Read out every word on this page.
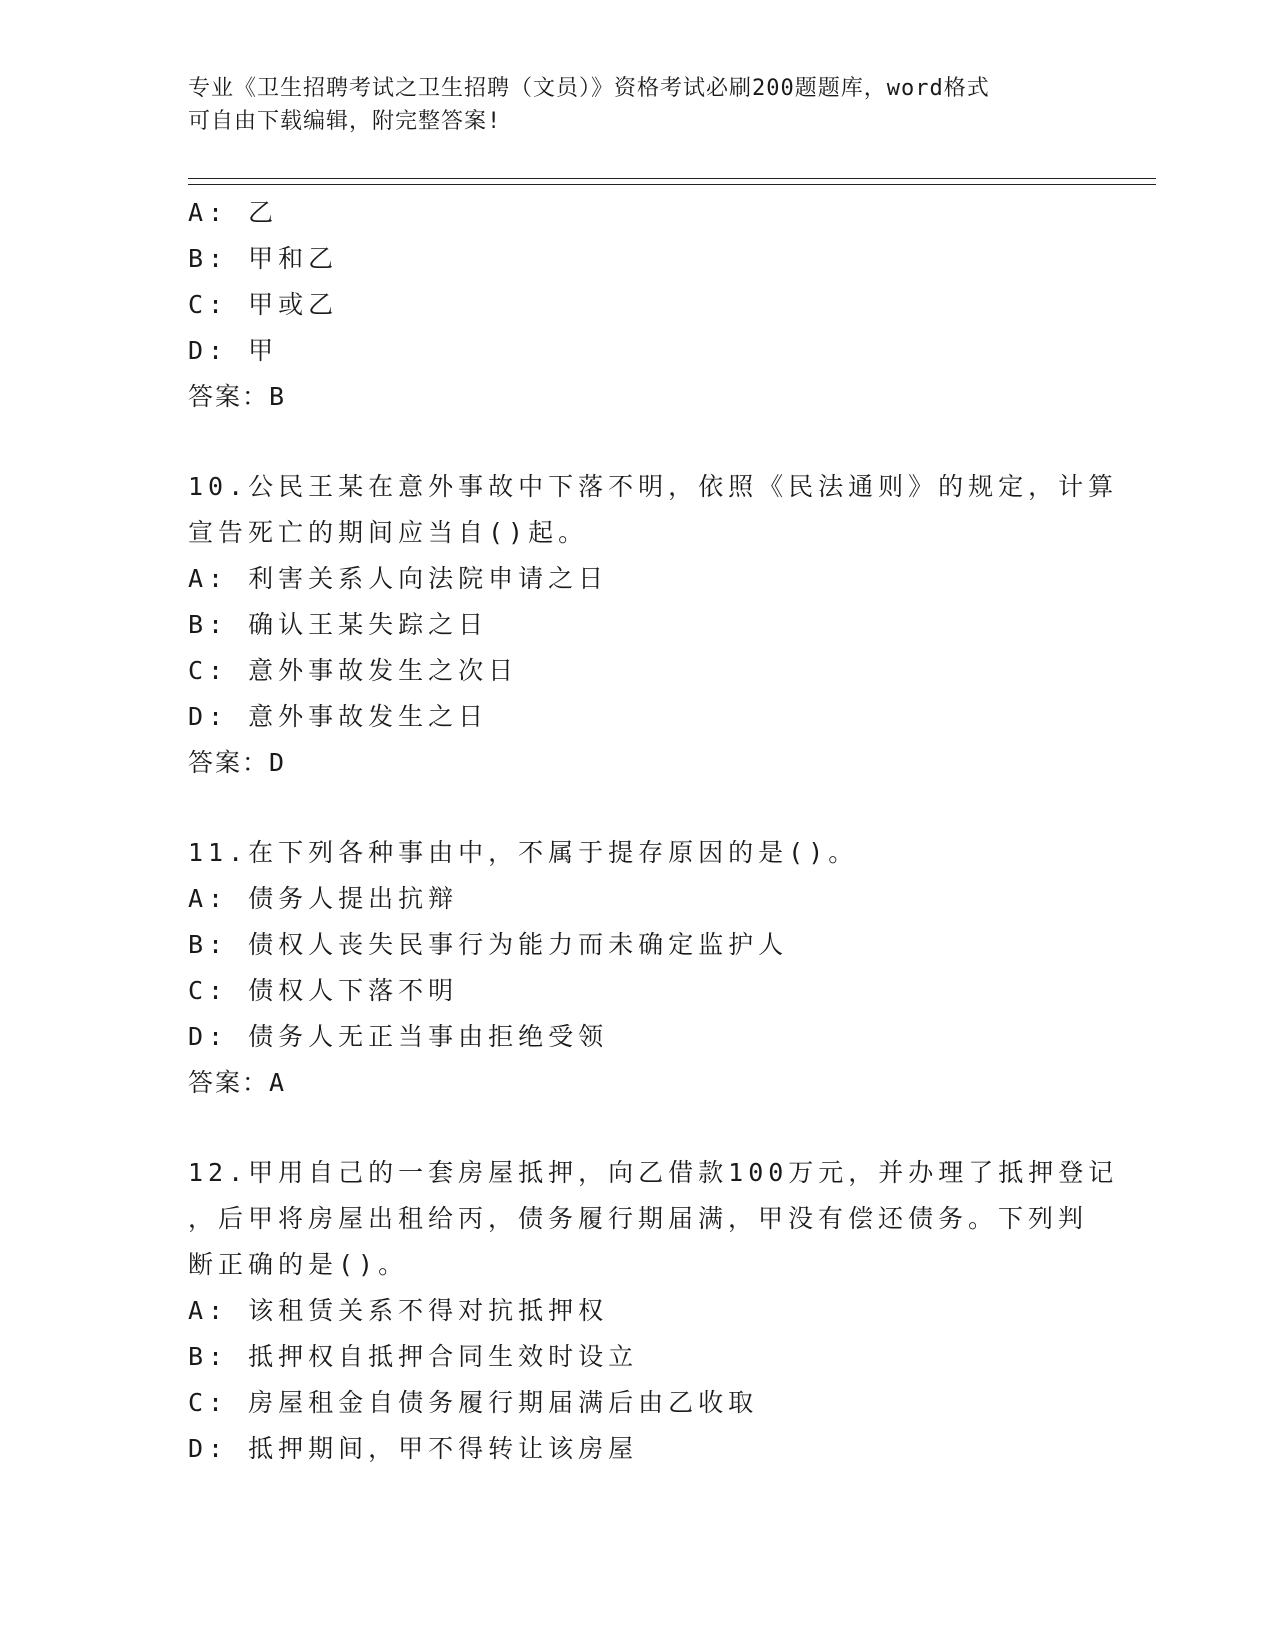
专业《卫生招聘考试之卫生招聘（文员）》资格考试必刷200题题库，word格式
可自由下载编辑，附完整答案!
A: 乙
B: 甲和乙
C: 甲或乙
D: 甲
答案：B
10.公民王某在意外事故中下落不明，依照《民法通则》的规定，计算
宣告死亡的期间应当自()起。
A: 利害关系人向法院申请之日
B: 确认王某失踪之日
C: 意外事故发生之次日
D: 意外事故发生之日
答案：D
11.在下列各种事由中，不属于提存原因的是()。
A: 债务人提出抗辩
B: 债权人丧失民事行为能力而未确定监护人
C: 债权人下落不明
D: 债务人无正当事由拒绝受领
答案：A
12.甲用自己的一套房屋抵押，向乙借款100万元，并办理了抵押登记
，后甲将房屋出租给丙，债务履行期届满，甲没有偿还债务。下列判
断正确的是()。
A: 该租赁关系不得对抗抵押权
B: 抵押权自抵押合同生效时设立
C: 房屋租金自债务履行期届满后由乙收取
D: 抵押期间，甲不得转让该房屋
